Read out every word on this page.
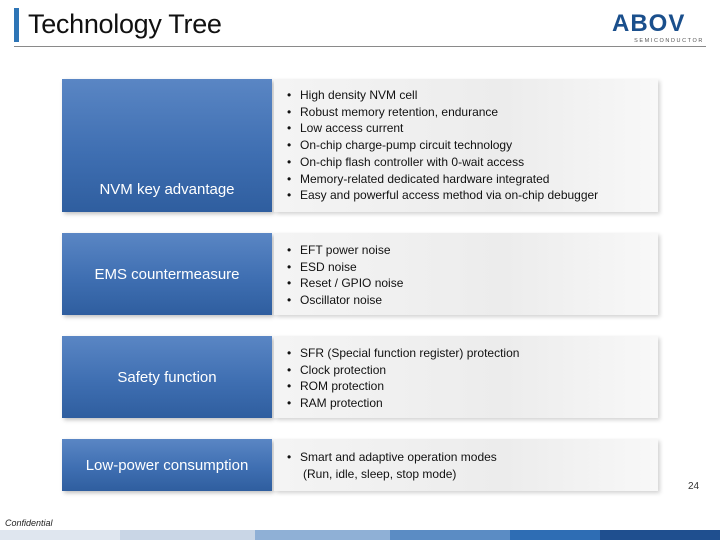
Technology Tree	ABOV
SEMICONDUCTOR
NVM key advantage
• High density NVM cell
• Robust memory retention, endurance
• Low access current
• On-chip charge-pump circuit technology
• On-chip flash controller with 0-wait access
• Memory-related dedicated hardware integrated
• Easy and powerful access method via on-chip debugger
EMS countermeasure
• EFT power noise
• ESD noise
• Reset / GPIO noise
• Oscillator noise
Safety function
• SFR (Special function register) protection
• Clock protection
• ROM protection
• RAM protection
Low-power consumption
•	Smart and adaptive operation modes
(Run, idle, sleep, stop mode)
Confidential
24
